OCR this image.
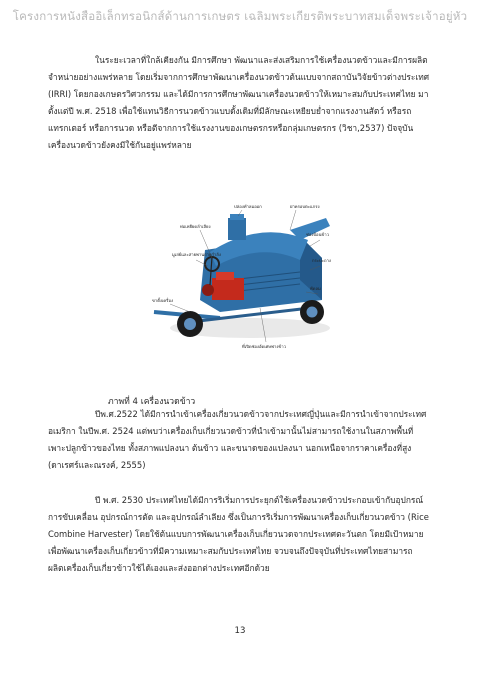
โครงการหนังสืออิเล็กทรอนิกส์ด้านการเกษตร เฉลิมพระเกียรติพระบาทสมเด็จพระเจ้าอยู่หัว

ในระยะเวลาที่ใกล้เคียงกัน มีการศึกษา พัฒนาและส่งเสริมการใช้เครื่องนวดข้าวและมีการผลิต

จำหน่ายอย่างแพร่หลาย โดยเริ่มจากการศึกษาพัฒนาเครื่องนวดข้าวต้นแบบจากสถาบันวิจัยข้าวต่างประเทศ

(IRRI) โดยกองเกษตรวิศวกรรม และได้มีการการศึกษาพัฒนาเครื่องนวดข้าวให้เหมาะสมกับประเทศไทย มา

ตั้งแต่ปี พ.ศ. 2518 เพื่อใช้แทนวิธีการนวดข้าวแบบดั้งเดิมที่มีลักษณะเหยียบย่ำจากแรงงานสัตว์ หรือรถ

แทรกเตอร์ หรือการนวด หรือตีจากการใช้แรงงานของเกษตรกรหรือกลุ่มเกษตรกร (วิชา,2537) ปัจจุบัน

เครื่องนวดข้าวยังคงมีใช้กันอยู่แพร่หลาย

ปล่องทำลมออก	ฝาครอบตะแกรง
ท่อเหยียดลำเลียง
มูเล่ย์และสายพานถ่ายกำลัง
ขาตั้งเครื่อง
ช่องป้อนข้าว
กระบะถาง
พัดลม
ที่เปิดช่องอัดเศษฟางข้าว
ภาพที่ 4 เครื่องนวดข้าว

ปีพ.ศ.2522 ได้มีการนำเข้าเครื่องเกี่ยวนวดข้าวจากประเทศญี่ปุ่นและมีการนำเข้าจากประเทศ

อเมริกา ในปีพ.ศ. 2524 แต่พบว่าเครื่องเก็บเกี่ยวนวดข้าวที่นำเข้ามานั้นไม่สามารถใช้งานในสภาพพื้นที่

เพาะปลูกข้าวของไทย ทั้งสภาพแปลงนา ต้นข้าว และขนาดของแปลงนา นอกเหนือจากราคาเครื่องที่สูง

(ดาเรศร์และณรงค์, 2555)

ปี พ.ศ. 2530 ประเทศไทยได้มีการริเริ่มการประยุกต์ใช้เครื่องนวดข้าวประกอบเข้ากับอุปกรณ์

การขับเคลื่อน อุปกรณ์การตัด และอุปกรณ์ลำเลียง ซึ่งเป็นการริเริ่มการพัฒนาเครื่องเก็บเกี่ยวนวดข้าว (Rice

Combine Harvester) โดยใช้ต้นแบบการพัฒนาเครื่องเก็บเกี่ยวนวดจากประเทศตะวันตก โดยมีเป้าหมาย

เพื่อพัฒนาเครื่องเก็บเกี่ยวข้าวที่มีความเหมาะสมกับประเทศไทย จวบจนถึงปัจจุบันที่ประเทศไทยสามารถ

ผลิตเครื่องเก็บเกี่ยวข้าวใช้ได้เองและส่งออกต่างประเทศอีกด้วย

13
